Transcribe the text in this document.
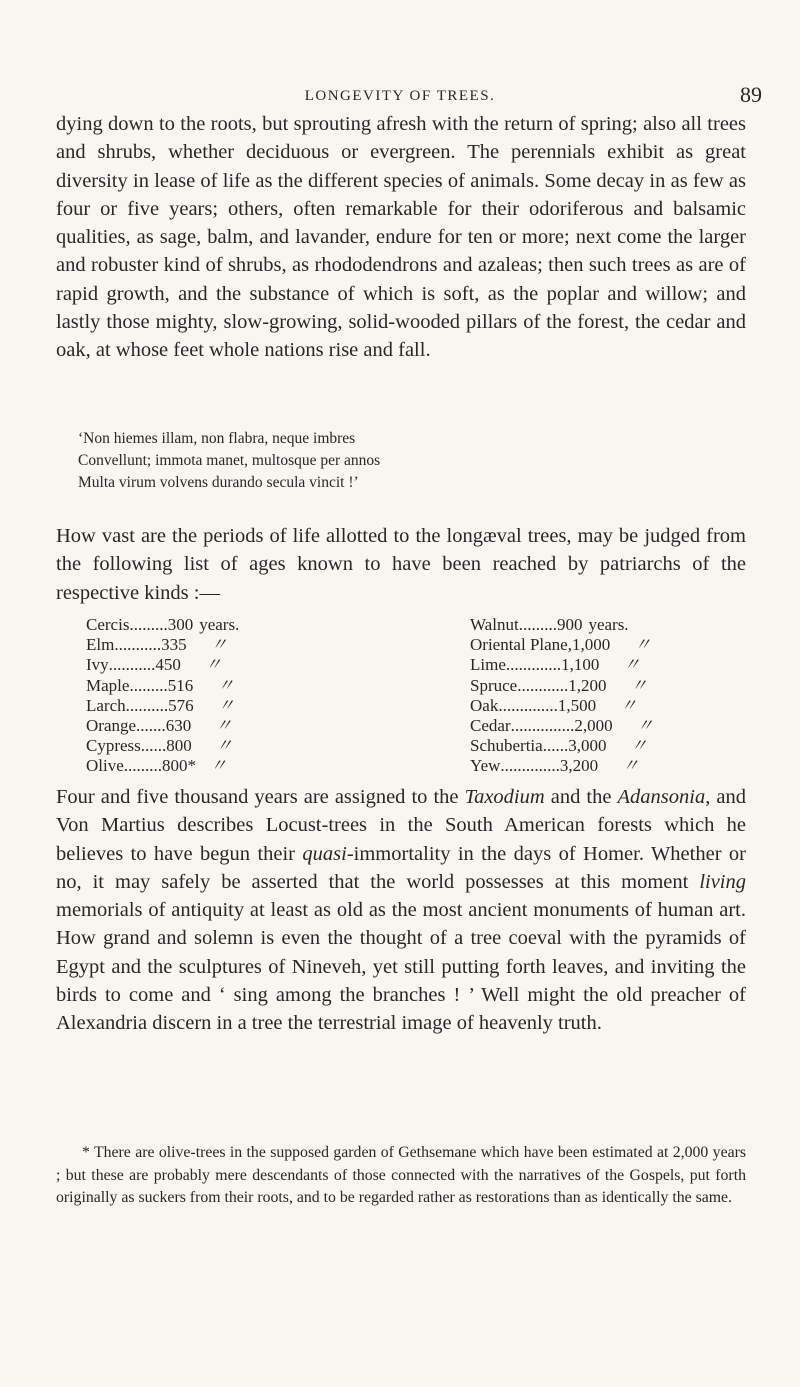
LONGEVITY OF TREES.	89

dying down to the roots, but sprouting afresh with the return of spring; also all trees and shrubs, whether deciduous or evergreen. The perennials exhibit as great diversity in lease of life as the different species of animals. Some decay in as few as four or five years; others, often remarkable for their odoriferous and balsamic qualities, as sage, balm, and lavander, endure for ten or more; next come the larger and robuster kind of shrubs, as rhododendrons and azaleas; then such trees as are of rapid growth, and the substance of which is soft, as the poplar and willow; and lastly those mighty, slow-growing, solid-wooded pillars of the forest, the cedar and oak, at whose feet whole nations rise and fall.

‘Non hiemes illam, non flabra, neque imbres
Convellunt; immota manet, multosque per annos
Multa virum volvens durando secula vincit !’

How vast are the periods of life allotted to the longæval trees, may be judged from the following list of ages known to have been reached by patriarchs of the respective kinds :—

Cercis ......... 300 years.
Elm ........... 335 〃
Ivy ........... 450 〃
Maple ......... 516 〃
Larch .......... 576 〃
Orange ....... 630 〃
Cypress ...... 800 〃
Olive ......... 800* 〃
Walnut ......... 900 years.
Oriental Plane, 1,000 〃
Lime ............. 1,100 〃
Spruce ............ 1,200 〃
Oak .............. 1,500 〃
Cedar ............... 2,000 〃
Schubertia ...... 3,000 〃
Yew .............. 3,200 〃

Four and five thousand years are assigned to the Taxodium and the Adansonia, and Von Martius describes Locust-trees in the South American forests which he believes to have begun their quasi-immortality in the days of Homer. Whether or no, it may safely be asserted that the world possesses at this moment living memorials of antiquity at least as old as the most ancient monuments of human art. How grand and solemn is even the thought of a tree coeval with the pyramids of Egypt and the sculptures of Nineveh, yet still putting forth leaves, and inviting the birds to come and ‘ sing among the branches ! ’ Well might the old preacher of Alexandria discern in a tree the terrestrial image of heavenly truth.

* There are olive-trees in the supposed garden of Gethsemane which have been estimated at 2,000 years ; but these are probably mere descendants of those connected with the narratives of the Gospels, put forth originally as suckers from their roots, and to be regarded rather as restorations than as identically the same.
